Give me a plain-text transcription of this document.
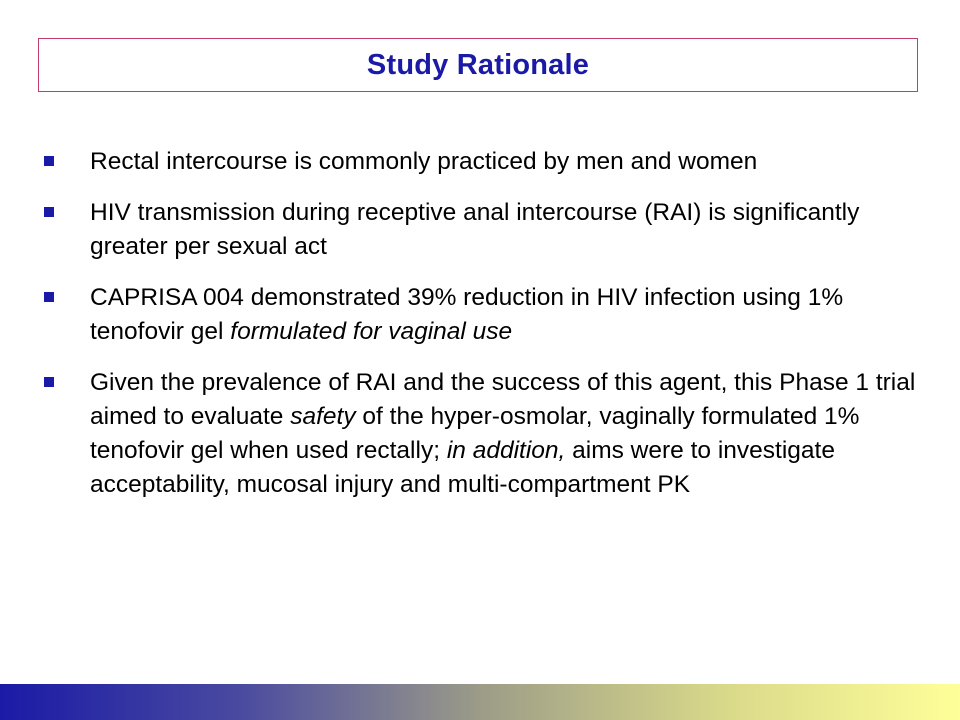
Study Rationale
Rectal intercourse is commonly practiced by men and women
HIV transmission during receptive anal intercourse (RAI) is significantly greater per sexual act
CAPRISA 004 demonstrated 39% reduction in HIV infection using 1% tenofovir gel formulated for vaginal use
Given the prevalence of RAI and the success of this agent, this Phase 1 trial aimed to evaluate safety of the hyper-osmolar, vaginally formulated 1% tenofovir gel when used rectally; in addition, aims were to investigate acceptability, mucosal injury and multi-compartment PK
